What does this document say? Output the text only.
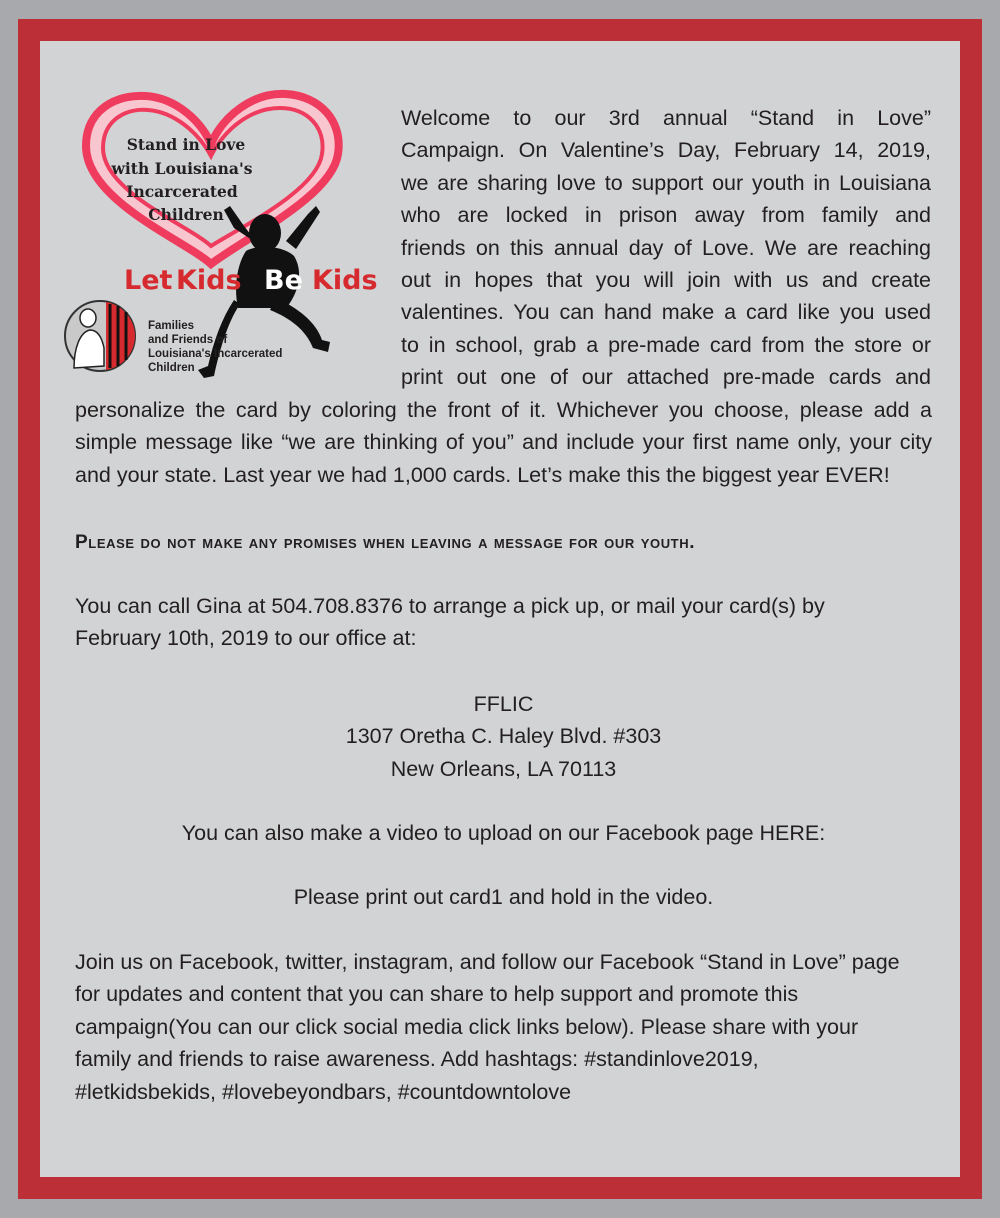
Stand in Love
with Louisiana's
Incarcerated
Children
Let Kids Be Kids
Families
and Friends of
Louisiana's Incarcerated
Children

Welcome to our 3rd annual “Stand in Love”

Campaign. On Valentine’s Day, February 14, 2019,

we are sharing love to support our youth in Louisiana

who are locked in prison away from family and

friends on this annual day of Love. We are reaching

out in hopes that you will join with us and create

valentines. You can hand make a card like you used

to in school, grab a pre-made card from the store or

print out one of our attached pre-made cards and

personalize the card by coloring the front of it. Whichever you choose, please add a simple message like “we are thinking of you” and include your first name only, your city and your state. Last year we had 1,000 cards. Let’s make this the biggest year EVER!

Please do not make any promises when leaving a message for our youth.
You can call Gina at 504.708.8376 to arrange a pick up, or mail your card(s) by February 10th, 2019 to our office at:

FFLIC

1307 Oretha C. Haley Blvd. #303

New Orleans, LA 70113

You can also make a video to upload on our Facebook page HERE:
Please print out card1 and hold in the video.
Join us on Facebook, twitter, instagram, and follow our Facebook “Stand in Love” page for updates and content that you can share to help support and promote this campaign(You can our click social media click links below). Please share with your family and friends to raise awareness. Add hashtags: #standinlove2019, #letkidsbekids, #lovebeyondbars, #countdowntolove
